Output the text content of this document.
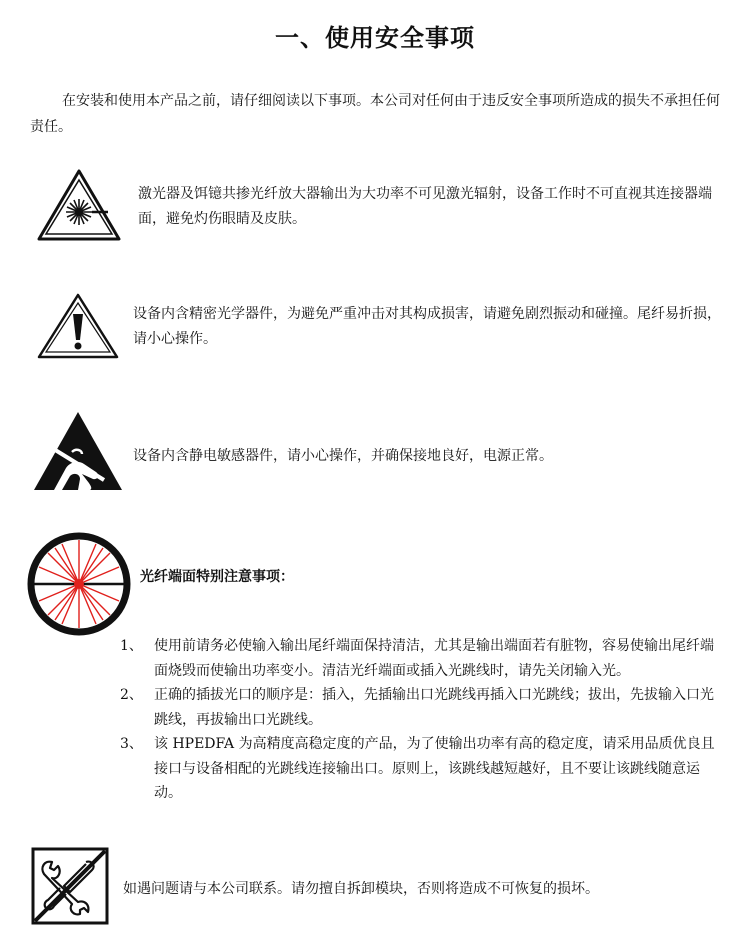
一、使用安全事项
在安装和使用本产品之前，请仔细阅读以下事项。本公司对任何由于违反安全事项所造成的损失不承担任何责任。
激光器及饵镱共掺光纤放大器输出为大功率不可见激光辐射，设备工作时不可直视其连接器端面，避免灼伤眼睛及皮肤。
设备内含精密光学器件，为避免严重冲击对其构成损害，请避免剧烈振动和碰撞。尾纤易折损，请小心操作。
设备内含静电敏感器件，请小心操作，并确保接地良好，电源正常。
光纤端面特别注意事项：
1、 使用前请务必使输入输出尾纤端面保持清洁，尤其是输出端面若有脏物，容易使输出尾纤端面烧毁而使输出功率变小。清洁光纤端面或插入光跳线时，请先关闭输入光。
2、 正确的插拔光口的顺序是：插入，先插输出口光跳线再插入口光跳线；拔出，先拔输入口光跳线，再拔输出口光跳线。
3、 该 HPEDFA 为高精度高稳定度的产品，为了使输出功率有高的稳定度，请采用品质优良且接口与设备相配的光跳线连接输出口。原则上，该跳线越短越好，且不要让该跳线随意运动。
如遇问题请与本公司联系。请勿擅自拆卸模块，否则将造成不可恢复的损坏。
